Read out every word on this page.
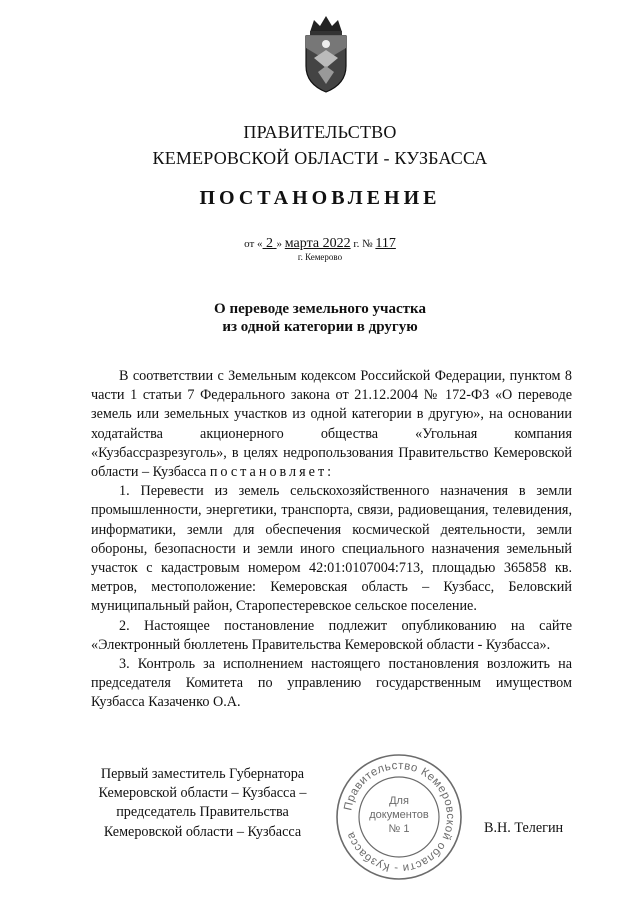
ПРАВИТЕЛЬСТВО
КЕМЕРОВСКОЙ ОБЛАСТИ - КУЗБАССА
ПОСТАНОВЛЕНИЕ
от « 2 » марта 2022 г. № 117
г. Кемерово
О переводе земельного участка
из одной категории в другую

В соответствии с Земельным кодексом Российской Федерации, пунктом 8 части 1 статьи 7 Федерального закона от 21.12.2004 № 172-ФЗ «О переводе земель или земельных участков из одной категории в другую», на основании ходатайства акционерного общества «Угольная компания «Кузбассразрезуголь», в целях недропользования Правительство Кемеровской области – Кузбасса постановляет:

1. Перевести из земель сельскохозяйственного назначения в земли промышленности, энергетики, транспорта, связи, радиовещания, телевидения, информатики, земли для обеспечения космической деятельности, земли обороны, безопасности и земли иного специального назначения земельный участок с кадастровым номером 42:01:0107004:713, площадью 365858 кв. метров, местоположение: Кемеровская область – Кузбасс, Беловский муниципальный район, Старопестеревское сельское поселение.

2. Настоящее постановление подлежит опубликованию на сайте «Электронный бюллетень Правительства Кемеровской области - Кузбасса».

3. Контроль за исполнением настоящего постановления возложить на председателя Комитета по управлению государственным имуществом Кузбасса Казаченко О.А.

Первый заместитель Губернатора
Кемеровской области – Кузбасса –
председатель Правительства
Кемеровской области – Кузбасса
Правительство Кемеровской области - Кузбасса
Для
документов
№ 1	В.Н. Телегин
